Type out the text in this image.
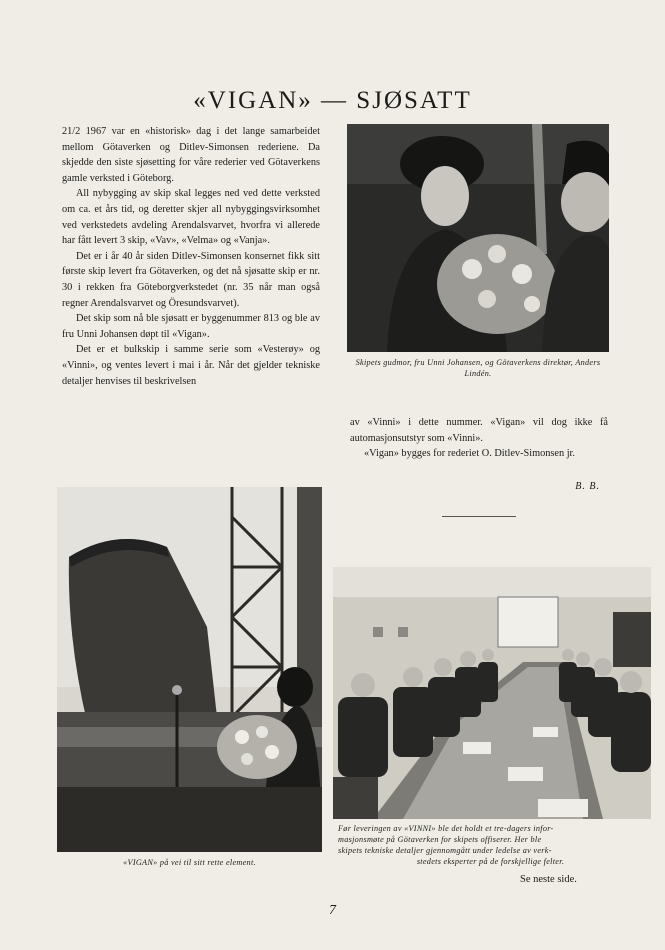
«VIGAN» — SJØSATT

21/2 1967 var en «historisk» dag i det lange samarbeidet mellom Götaverken og Ditlev-Simonsen rederiene. Da skjedde den siste sjøsetting for våre rederier ved Götaverkens gamle verksted i Göteborg.

All nybygging av skip skal legges ned ved dette verksted om ca. et års tid, og deretter skjer all nybyggingsvirksomhet ved verkstedets avdeling Arendalsvarvet, hvorfra vi allerede har fått levert 3 skip, «Vav», «Velma» og «Vanja».

Det er i år 40 år siden Ditlev-Simonsen konsernet fikk sitt første skip levert fra Götaverken, og det nå sjøsatte skip er nr. 30 i rekken fra Göteborgverkstedet (nr. 35 når man også regner Arendalsvarvet og Öresundsvarvet).

Det skip som nå ble sjøsatt er byggenummer 813 og ble av fru Unni Johansen døpt til «Vigan».

Det er et bulkskip i samme serie som «Vesterøy» og «Vinni», og ventes levert i mai i år. Når det gjelder tekniske detaljer henvises til beskrivelsen

Skipets gudmor, fru Unni Johansen, og Götaverkens direktør, Anders Lindén.

av «Vinni» i dette nummer. «Vigan» vil dog ikke få automasjonsutstyr som «Vinni».

«Vigan» bygges for rederiet O. Ditlev-Simonsen jr.

B. B.
«VIGAN» på vei til sitt rette element.
Før leveringen av «VINNI» ble det holdt et tre-dagers infor-
masjonsmøte på Götaverken for skipets offiserer. Her ble
skipets tekniske detaljer gjennomgått under ledelse av verk-
stedets eksperter på de forskjellige felter.
Se neste side.
7
